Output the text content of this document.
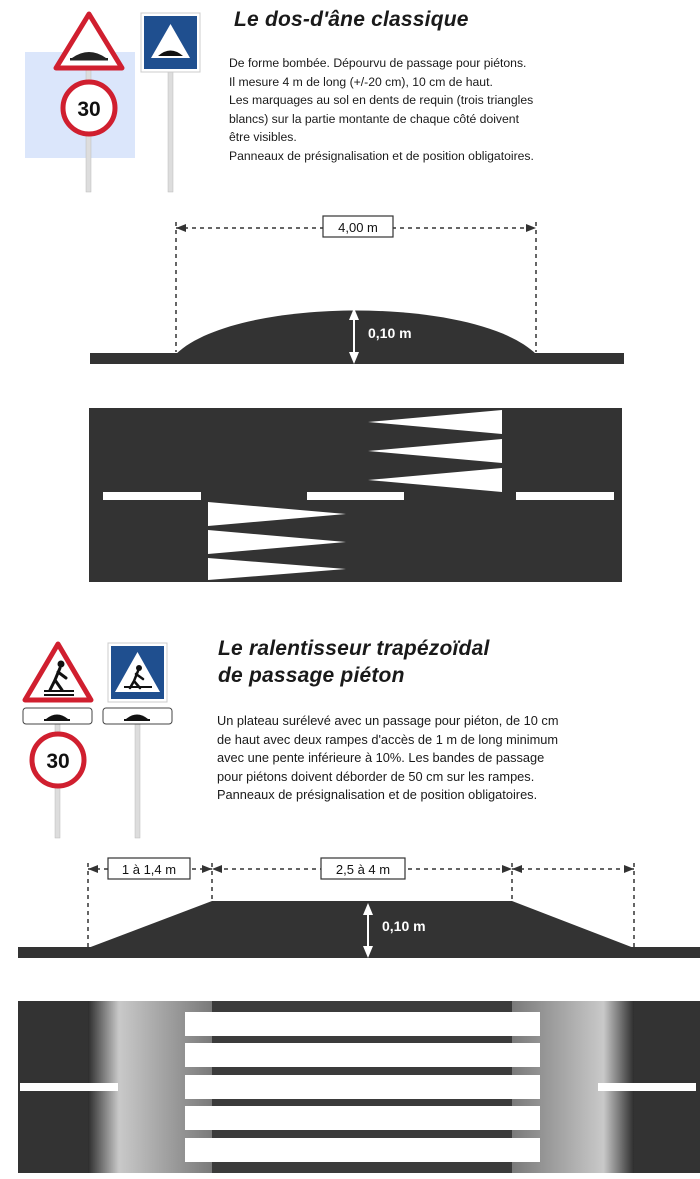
30
Le dos-d'âne classique
De forme bombée. Dépourvu de passage pour piétons.
Il mesure 4 m de long (+/-20 cm), 10 cm de haut.
Les marquages au sol en dents de requin (trois triangles
blancs) sur la partie montante de chaque côté doivent
être visibles.
Panneaux de présignalisation et de position obligatoires.
4,00 m
0,10 m
30
Le ralentisseur trapézoïdal
de passage piéton
Un plateau surélevé avec un passage pour piéton, de 10 cm
de haut avec deux rampes d'accès de 1 m de long minimum
avec une pente inférieure à 10%. Les bandes de passage
pour piétons doivent déborder de 50 cm sur les rampes.
Panneaux de présignalisation et de position obligatoires.
1 à 1,4 m	2,5 à 4 m
0,10 m
